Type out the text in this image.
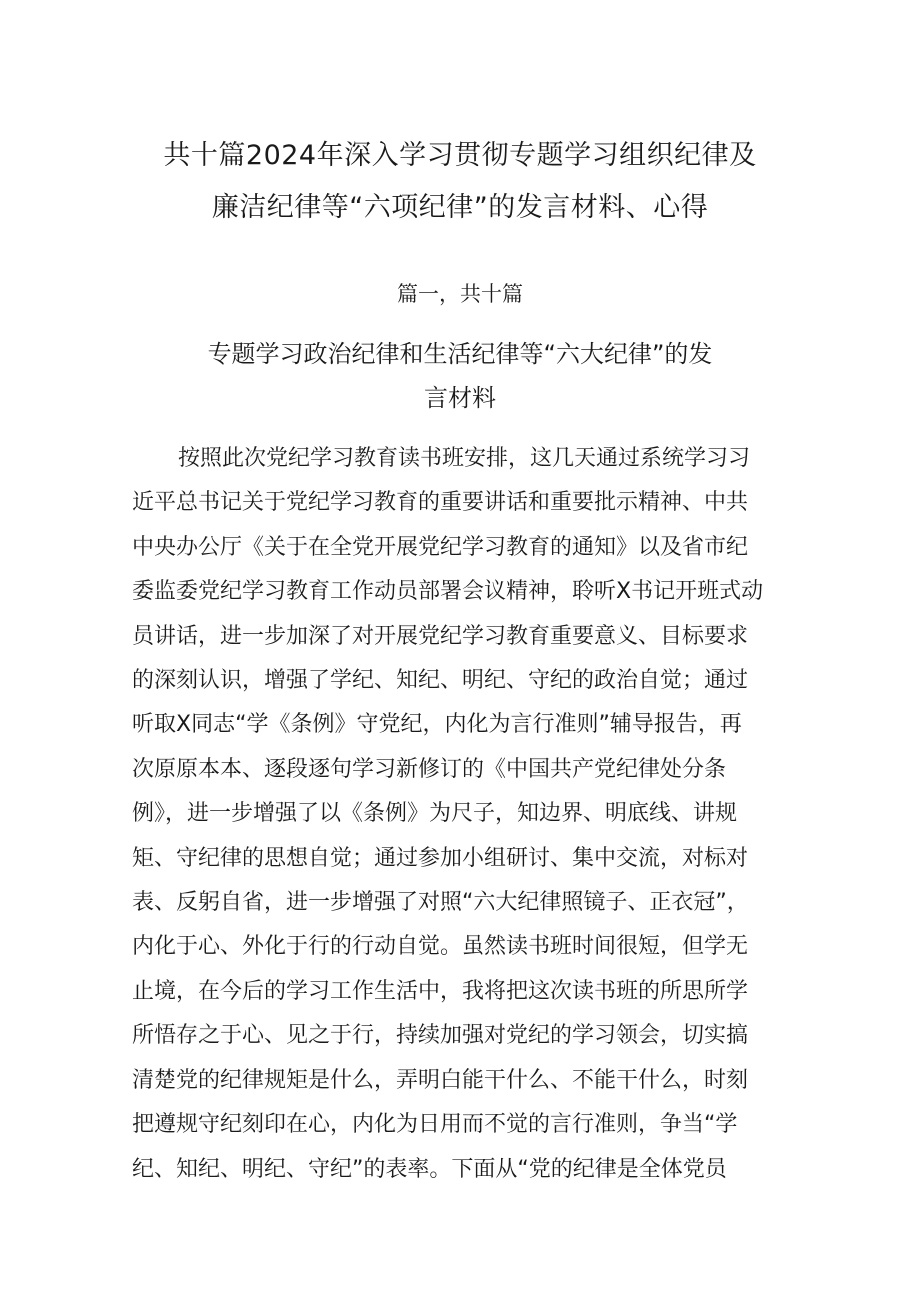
共十篇2024年深入学习贯彻专题学习组织纪律及
廉洁纪律等“六项纪律”的发言材料、心得
篇一，共十篇
专题学习政治纪律和生活纪律等“六大纪律”的发
言材料

按照此次党纪学习教育读书班安排，这几天通过系统学习习
近平总书记关于党纪学习教育的重要讲话和重要批示精神、中共
中央办公厅《关于在全党开展党纪学习教育的通知》以及省市纪
委监委党纪学习教育工作动员部署会议精神，聆听X书记开班式动
员讲话，进一步加深了对开展党纪学习教育重要意义、目标要求
的深刻认识，增强了学纪、知纪、明纪、守纪的政治自觉；通过
听取X同志“学《条例》守党纪，内化为言行准则”辅导报告，再
次原原本本、逐段逐句学习新修订的《中国共产党纪律处分条
例》，进一步增强了以《条例》为尺子，知边界、明底线、讲规
矩、守纪律的思想自觉；通过参加小组研讨、集中交流，对标对
表、反躬自省，进一步增强了对照“六大纪律照镜子、正衣冠”，
内化于心、外化于行的行动自觉。虽然读书班时间很短，但学无
止境，在今后的学习工作生活中，我将把这次读书班的所思所学
所悟存之于心、见之于行，持续加强对党纪的学习领会，切实搞
清楚党的纪律规矩是什么，弄明白能干什么、不能干什么，时刻
把遵规守纪刻印在心，内化为日用而不觉的言行准则，争当“学
纪、知纪、明纪、守纪”的表率。下面从“党的纪律是全体党员
